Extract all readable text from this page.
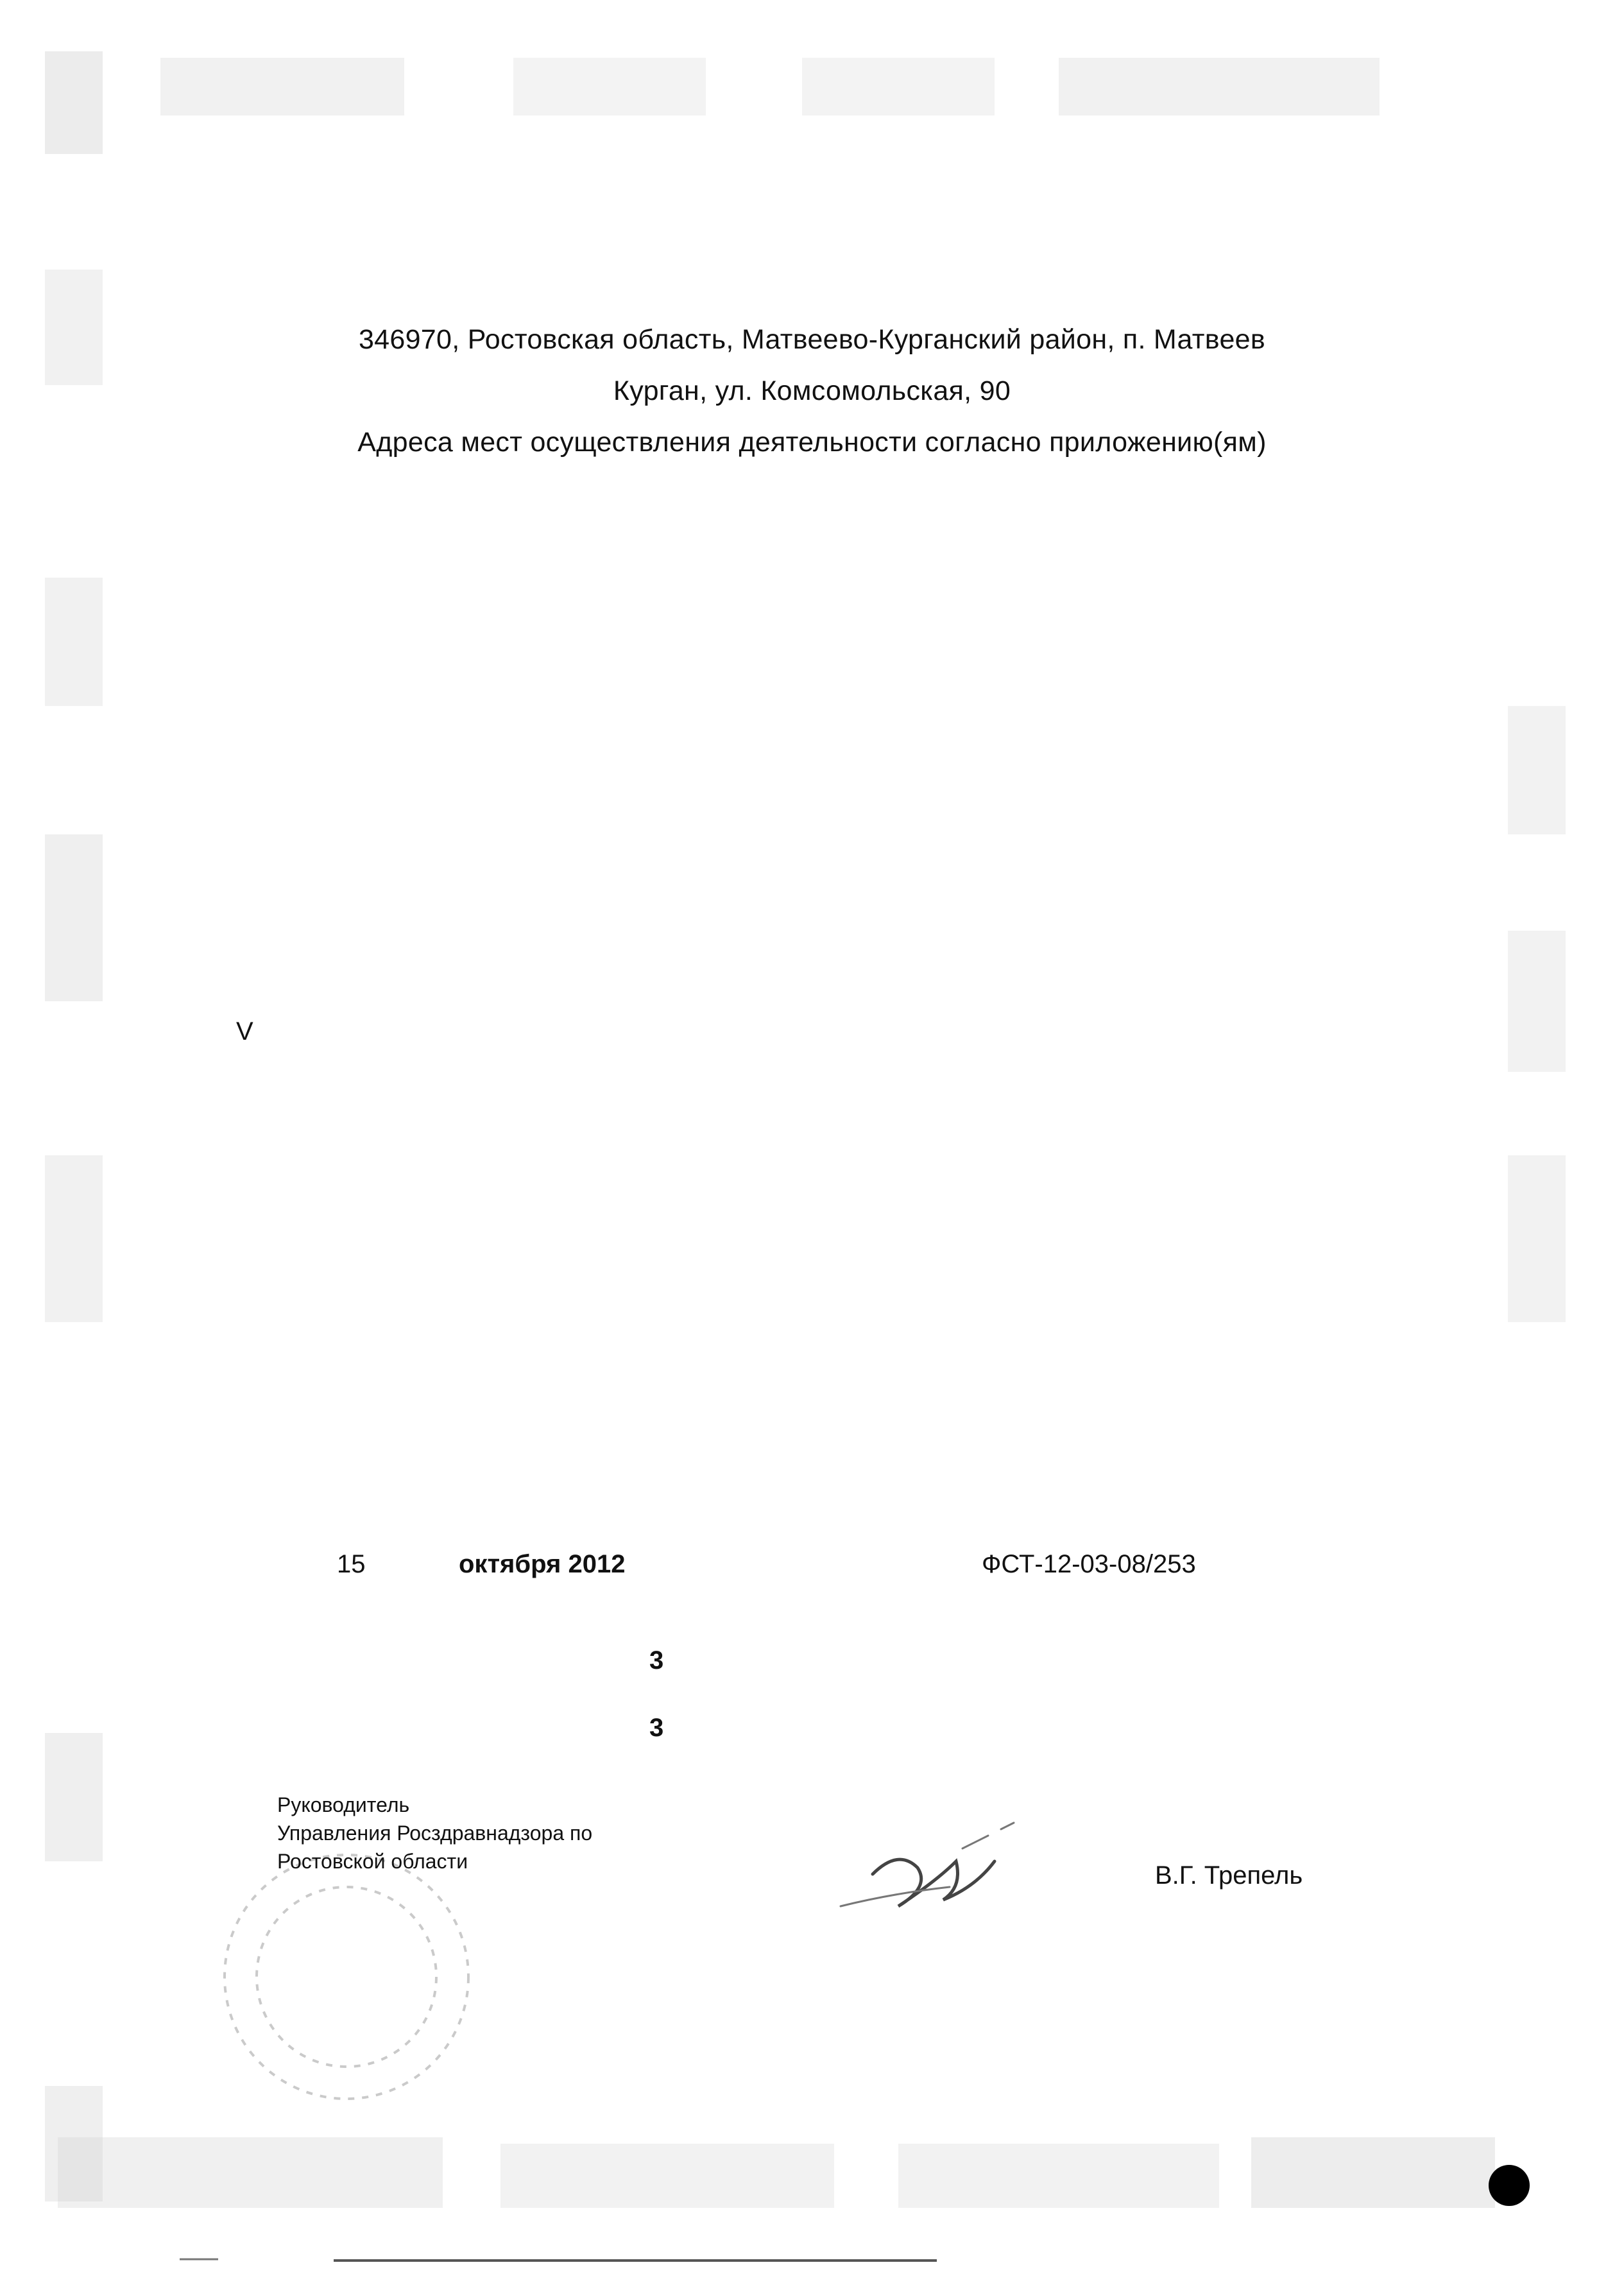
346970, Ростовская область, Матвеево-Курганский район, п. Матвеев
Курган, ул. Комсомольская, 90
Адреса мест осуществления деятельности согласно приложению(ям)
V
15	октября 2012	ФСТ-12-03-08/253
3
3
Руководитель
Управления Росздравнадзора по
Ростовской области	В.Г. Трепель
